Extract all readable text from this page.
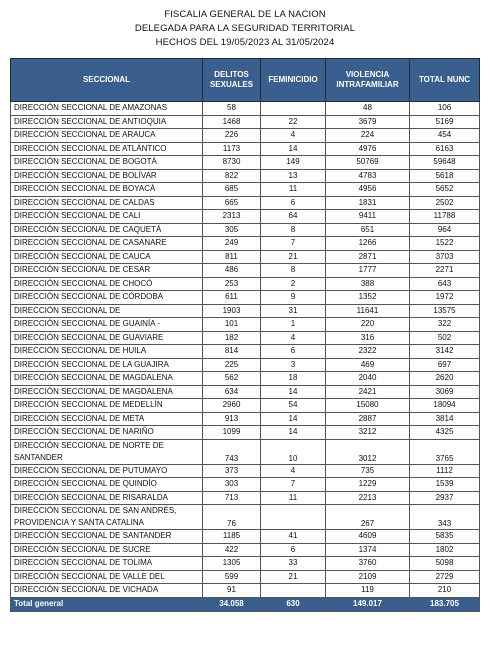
FISCALIA GENERAL DE LA NACION
DELEGADA PARA LA SEGURIDAD TERRITORIAL
HECHOS DEL 19/05/2023 AL 31/05/2024
SECCIONAL	DELITOS SEXUALES	FEMINICIDIO	VIOLENCIA INTRAFAMILIAR	TOTAL NUNC
DIRECCIÓN SECCIONAL DE AMAZONAS	58		48	106
DIRECCIÓN SECCIONAL DE ANTIOQUIA	1468	22	3679	5169
DIRECCIÓN SECCIONAL DE ARAUCA	226	4	224	454
DIRECCIÓN SECCIONAL DE ATLÁNTICO	1173	14	4976	6163
DIRECCIÓN SECCIONAL DE BOGOTÁ	8730	149	50769	59648
DIRECCIÓN SECCIONAL DE BOLÍVAR	822	13	4783	5618
DIRECCIÓN SECCIONAL DE BOYACÁ	685	11	4956	5652
DIRECCIÓN SECCIONAL DE CALDAS	665	6	1831	2502
DIRECCIÓN SECCIONAL DE CALI	2313	64	9411	11788
DIRECCIÓN SECCIONAL DE CAQUETÁ	305	8	651	964
DIRECCIÓN SECCIONAL DE CASANARE	249	7	1266	1522
DIRECCIÓN SECCIONAL DE CAUCA	811	21	2871	3703
DIRECCIÓN SECCIONAL DE CESAR	486	8	1777	2271
DIRECCIÓN SECCIONAL DE CHOCÓ	253	2	388	643
DIRECCIÓN SECCIONAL DE CÓRDOBA	611	9	1352	1972
DIRECCIÓN SECCIONAL DE	1903	31	11641	13575
DIRECCIÓN SECCIONAL DE GUAINÍA -	101	1	220	322
DIRECCIÓN SECCIONAL DE GUAVIARE	182	4	316	502
DIRECCIÓN SECCIONAL DE HUILA	814	6	2322	3142
DIRECCIÓN SECCIONAL DE LA GUAJIRA	225	3	469	697
DIRECCIÓN SECCIONAL DE MAGDALENA	562	18	2040	2620
DIRECCIÓN SECCIONAL DE MAGDALENA	634	14	2421	3069
DIRECCIÓN SECCIONAL DE MEDELLÍN	2960	54	15080	18094
DIRECCIÓN SECCIONAL DE META	913	14	2887	3814
DIRECCIÓN SECCIONAL DE NARIÑO	1099	14	3212	4325
DIRECCIÓN SECCIONAL DE NORTE DE SANTANDER	743	10	3012	3765
DIRECCIÓN SECCIONAL DE PUTUMAYO	373	4	735	1112
DIRECCIÓN SECCIONAL DE QUINDÍO	303	7	1229	1539
DIRECCIÓN SECCIONAL DE RISARALDA	713	11	2213	2937
DIRECCIÓN SECCIONAL DE SAN ANDRÉS, PROVIDENCIA Y SANTA CATALINA	76		267	343
DIRECCIÓN SECCIONAL DE SANTANDER	1185	41	4609	5835
DIRECCIÓN SECCIONAL DE SUCRE	422	6	1374	1802
DIRECCIÓN SECCIONAL DE TOLIMA	1305	33	3760	5098
DIRECCIÓN SECCIONAL DE VALLE DEL	599	21	2109	2729
DIRECCIÓN SECCIONAL DE VICHADA	91		119	210
Total general	34.058	630	149.017	183.705
